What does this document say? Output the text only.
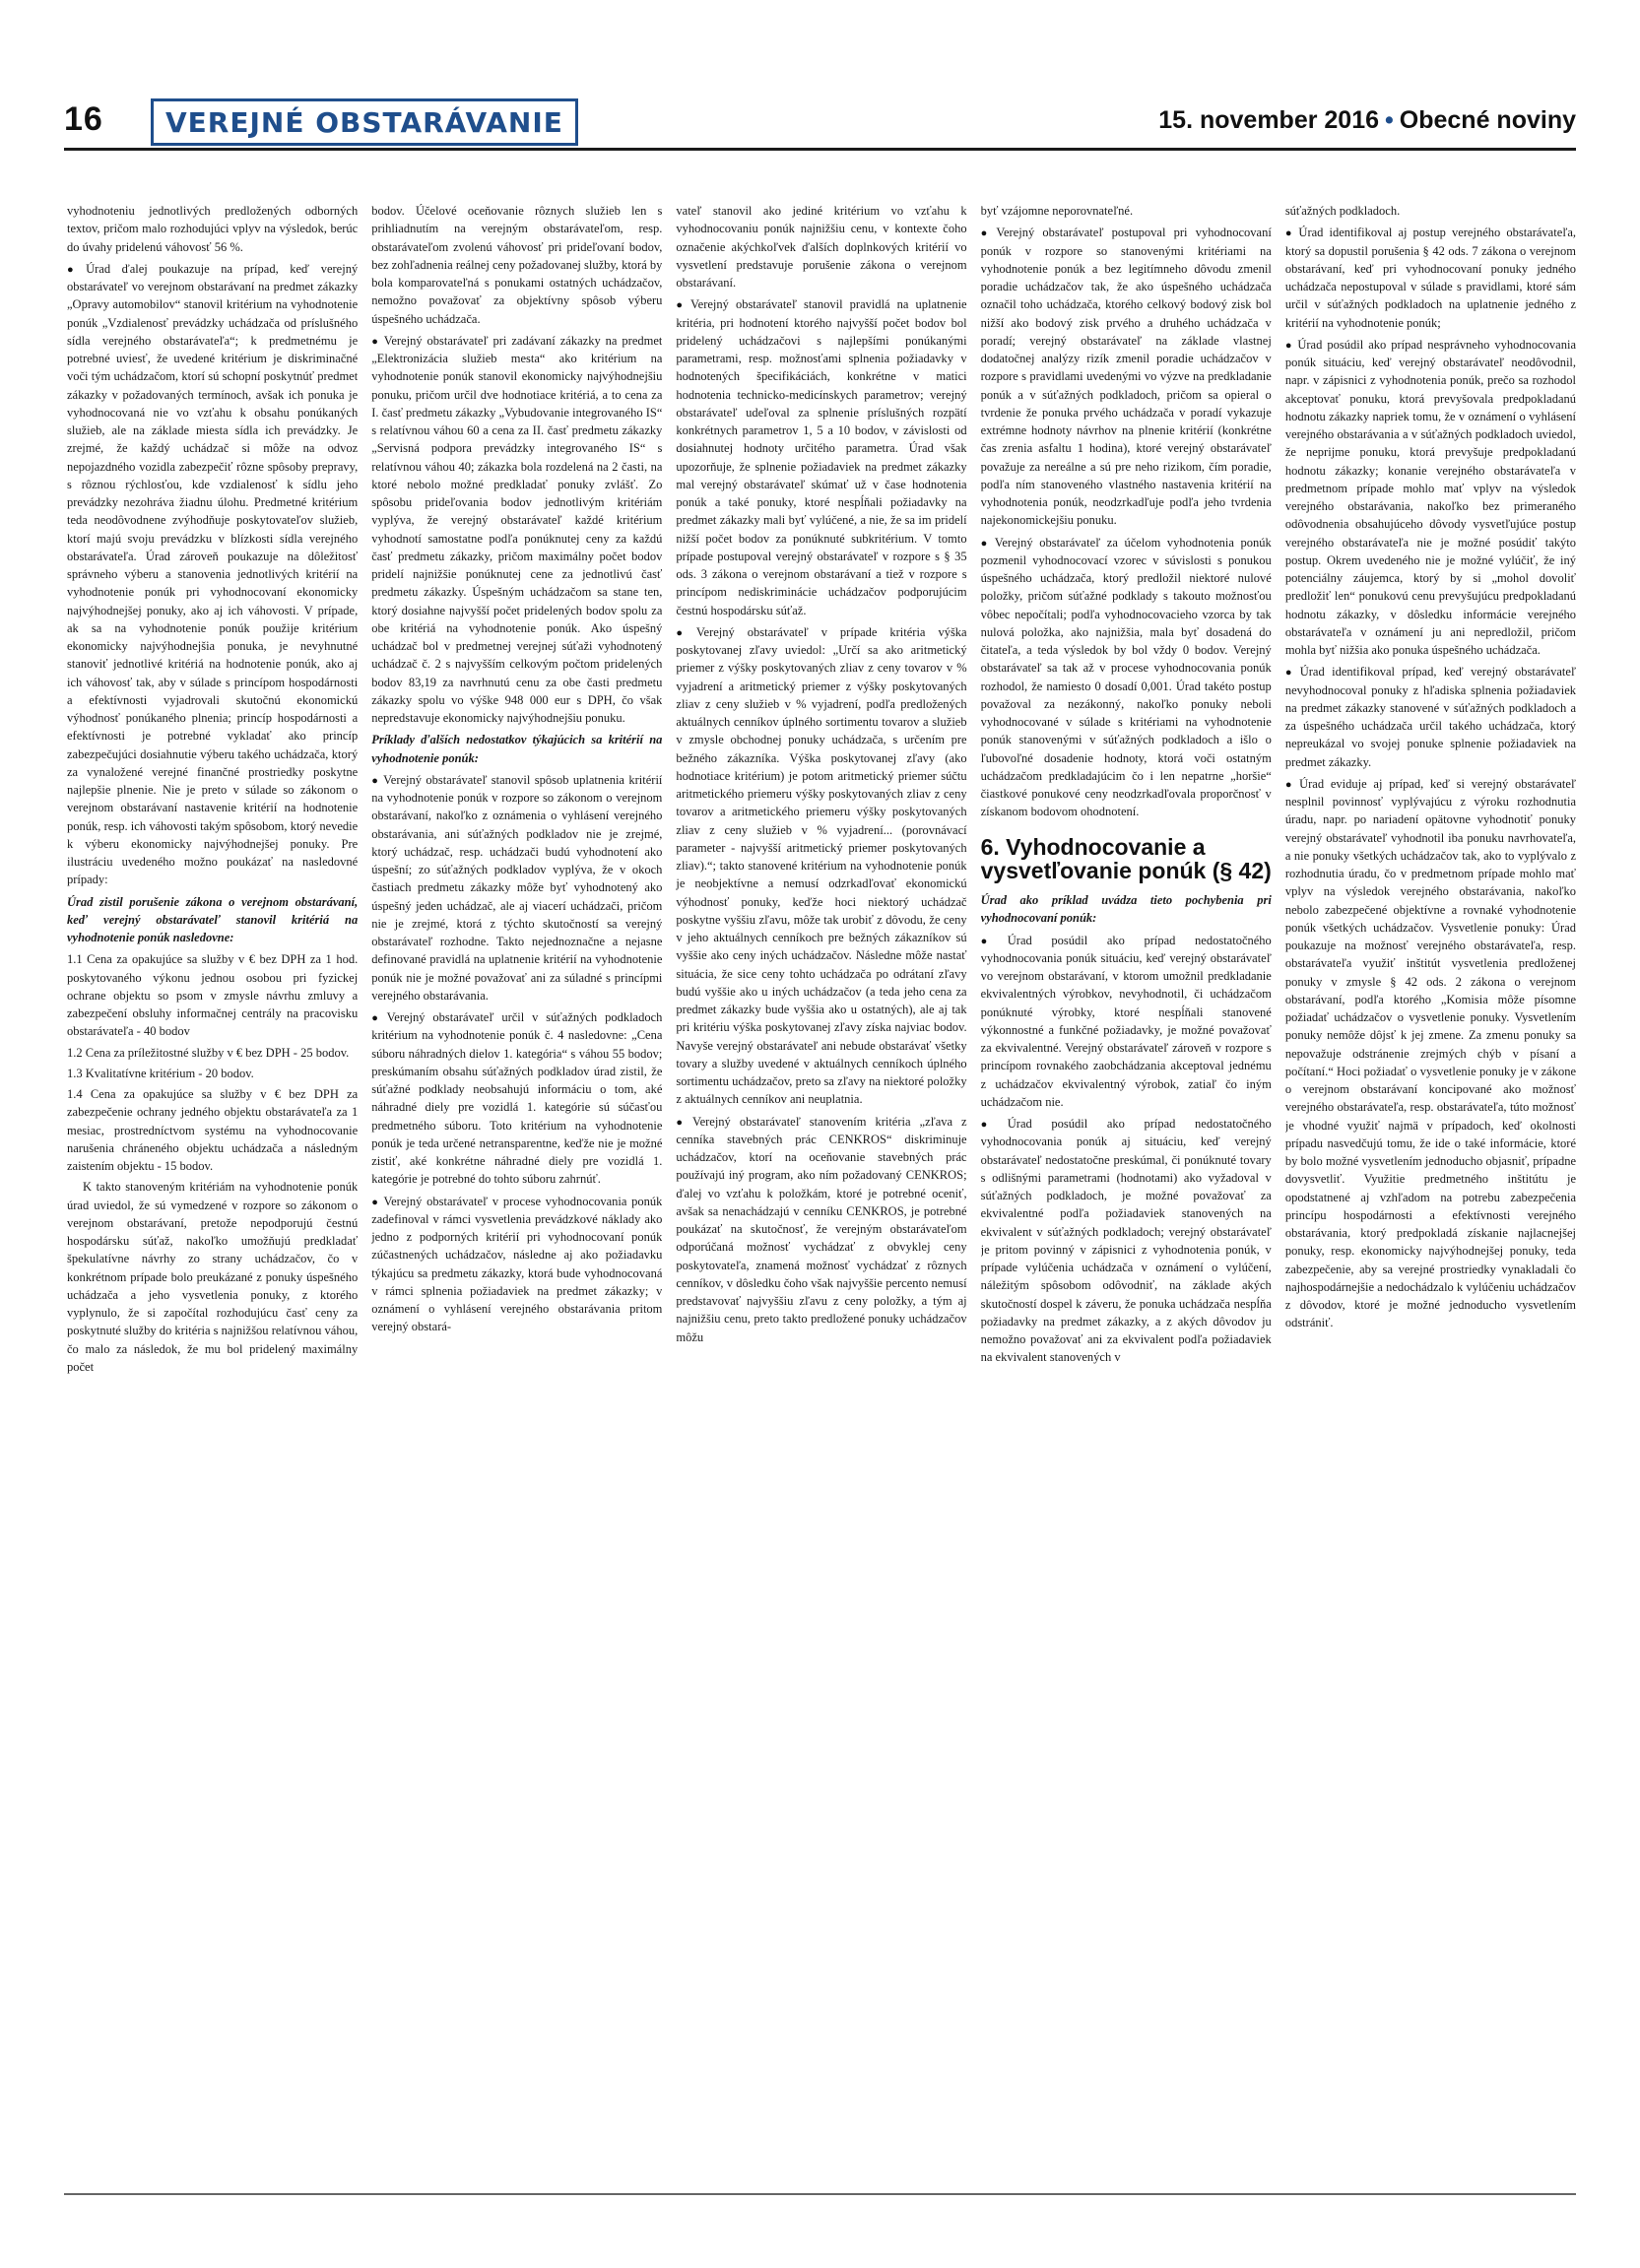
16 VEREJNÉ OBSTARÁVANIE	15. november 2016 • Obecné noviny

vyhodnoteniu jednotlivých predložených odborných textov, pričom malo rozhodujúci vplyv na výsledok, berúc do úvahy pridelenú váhovosť 56 %.

● Úrad ďalej poukazuje na prípad, keď verejný obstarávateľ vo verejnom obstarávaní na predmet zákazky „Opravy automobilov“ stanovil kritérium na vyhodnotenie ponúk „Vzdialenosť prevádzky uchádzača od príslušného sídla verejného obstarávateľa“; k predmetnému je potrebné uviesť, že uvedené kritérium je diskriminačné voči tým uchádzačom, ktorí sú schopní poskytnúť predmet zákazky v požadovaných termínoch, avšak ich ponuka je vyhodnocovaná nie vo vzťahu k obsahu ponúkaných služieb, ale na základe miesta sídla ich prevádzky. Je zrejmé, že každý uchádzač si môže na odvoz nepojazdného vozidla zabezpečiť rôzne spôsoby prepravy, s rôznou rýchlosťou, kde vzdialenosť k sídlu jeho prevádzky nezohráva žiadnu úlohu. Predmetné kritérium teda neodôvodnene zvýhodňuje poskytovateľov služieb, ktorí majú svoju prevádzku v blízkosti sídla verejného obstarávateľa. Úrad zároveň poukazuje na dôležitosť správneho výberu a stanovenia jednotlivých kritérií na vyhodnotenie ponúk pri vyhodnocovaní ekonomicky najvýhodnejšej ponuky, ako aj ich váhovosti. V prípade, ak sa na vyhodnotenie ponúk použije kritérium ekonomicky najvýhodnejšia ponuka, je nevyhnutné stanoviť jednotlivé kritériá na hodnotenie ponúk, ako aj ich váhovosť tak, aby v súlade s princípom hospodárnosti a efektívnosti vyjadrovali skutočnú ekonomickú výhodnosť ponúkaného plnenia; princíp hospodárnosti a efektívnosti je potrebné vykladať ako princíp zabezpečujúci dosiahnutie výberu takého uchádzača, ktorý za vynaložené verejné finančné prostriedky poskytne najlepšie plnenie. Nie je preto v súlade so zákonom o verejnom obstarávaní nastavenie kritérií na hodnotenie ponúk, resp. ich váhovosti takým spôsobom, ktorý nevedie k výberu ekonomicky najvýhodnejšej ponuky. Pre ilustráciu uvedeného možno poukázať na nasledovné prípady:

Úrad zistil porušenie zákona o verejnom obstarávaní, keď verejný obstarávateľ stanovil kritériá na vyhodnotenie ponúk nasledovne:

1.1 Cena za opakujúce sa služby v € bez DPH za 1 hod. poskytovaného výkonu jednou osobou pri fyzickej ochrane objektu so psom v zmysle návrhu zmluvy a zabezpečení obsluhy informačnej centrály na pracovisku obstarávateľa - 40 bodov

1.2 Cena za príležitostné služby v € bez DPH - 25 bodov.

1.3 Kvalitatívne kritérium - 20 bodov.

1.4 Cena za opakujúce sa služby v € bez DPH za zabezpečenie ochrany jedného objektu obstarávateľa za 1 mesiac, prostredníctvom systému na vyhodnocovanie narušenia chráneného objektu uchádzača a následným zaistením objektu - 15 bodov.

K takto stanoveným kritériám na vyhodnotenie ponúk úrad uviedol, že sú vymedzené v rozpore so zákonom o verejnom obstarávaní, pretože nepodporujú čestnú hospodársku súťaž, nakoľko umožňujú predkladať špekulatívne návrhy zo strany uchádzačov, čo v konkrétnom prípade bolo preukázané z ponuky úspešného uchádzača a jeho vysvetlenia ponuky, z ktorého vyplynulo, že si započítal rozhodujúcu časť ceny za poskytnuté služby do kritéria s najnižšou relatívnou váhou, čo malo za následok, že mu bol pridelený maximálny počet

bodov. Účelové oceňovanie rôznych služieb len s prihliadnutím na verejným obstarávateľom, resp. obstarávateľom zvolenú váhovosť pri prideľovaní bodov, bez zohľadnenia reálnej ceny požadovanej služby, ktorá by bola komparovateľná s ponukami ostatných uchádzačov, nemožno považovať za objektívny spôsob výberu úspešného uchádzača.

● Verejný obstarávateľ pri zadávaní zákazky na predmet „Elektronizácia služieb mesta“ ako kritérium na vyhodnotenie ponúk stanovil ekonomicky najvýhodnejšiu ponuku, pričom určil dve hodnotiace kritériá, a to cena za I. časť predmetu zákazky „Vybudovanie integrovaného IS“ s relatívnou váhou 60 a cena za II. časť predmetu zákazky „Servisná podpora prevádzky integrovaného IS“ s relatívnou váhou 40; zákazka bola rozdelená na 2 časti, na ktoré nebolo možné predkladať ponuky zvlášť. Zo spôsobu prideľovania bodov jednotlivým kritériám vyplýva, že verejný obstarávateľ každé kritérium vyhodnotí samostatne podľa ponúknutej ceny za každú časť predmetu zákazky, pričom maximálny počet bodov pridelí najnižšie ponúknutej cene za jednotlivú časť predmetu zákazky. Úspešným uchádzačom sa stane ten, ktorý dosiahne najvyšší počet pridelených bodov spolu za obe kritériá na vyhodnotenie ponúk. Ako úspešný uchádzač bol v predmetnej verejnej súťaži vyhodnotený uchádzač č. 2 s najvyšším celkovým počtom pridelených bodov 83,19 za navrhnutú cenu za obe časti predmetu zákazky spolu vo výške 948 000 eur s DPH, čo však nepredstavuje ekonomicky najvýhodnejšiu ponuku.

Príklady ďalších nedostatkov týkajúcich sa kritérií na vyhodnotenie ponúk:

● Verejný obstarávateľ stanovil spôsob uplatnenia kritérií na vyhodnotenie ponúk v rozpore so zákonom o verejnom obstarávaní, nakoľko z oznámenia o vyhlásení verejného obstarávania, ani súťažných podkladov nie je zrejmé, ktorý uchádzač, resp. uchádzači budú vyhodnotení ako úspešní; zo súťažných podkladov vyplýva, že v okoch častiach predmetu zákazky môže byť vyhodnotený ako úspešný jeden uchádzač, ale aj viacerí uchádzači, pričom nie je zrejmé, ktorá z týchto skutočností sa verejný obstarávateľ rozhodne. Takto nejednoznačne a nejasne definované pravidlá na uplatnenie kritérií na vyhodnotenie ponúk nie je možné považovať ani za súladné s princípmi verejného obstarávania.

● Verejný obstarávateľ určil v súťažných podkladoch kritérium na vyhodnotenie ponúk č. 4 nasledovne: „Cena súboru náhradných dielov 1. kategória“ s váhou 55 bodov; preskúmaním obsahu súťažných podkladov úrad zistil, že súťažné podklady neobsahujú informáciu o tom, aké náhradné diely pre vozidlá 1. kategórie sú súčasťou predmetného súboru. Toto kritérium na vyhodnotenie ponúk je teda určené netransparentne, keďže nie je možné zistiť, aké konkrétne náhradné diely pre vozidlá 1. kategórie je potrebné do tohto súboru zahrnúť.

● Verejný obstarávateľ v procese vyhodnocovania ponúk zadefinoval v rámci vysvetlenia prevádzkové náklady ako jedno z podporných kritérií pri vyhodnocovaní ponúk zúčastnených uchádzačov, následne aj ako požiadavku týkajúcu sa predmetu zákazky, ktorá bude vyhodnocovaná v rámci splnenia požiadaviek na predmet zákazky; v oznámení o vyhlásení verejného obstarávania pritom verejný obstará-

vateľ stanovil ako jediné kritérium vo vzťahu k vyhodnocovaniu ponúk najnižšiu cenu, v kontexte čoho označenie akýchkoľvek ďalších doplnkových kritérií vo vysvetlení predstavuje porušenie zákona o verejnom obstarávaní.

● Verejný obstarávateľ stanovil pravidlá na uplatnenie kritéria, pri hodnotení ktorého najvyšší počet bodov bol pridelený uchádzačovi s najlepšími ponúkanými parametrami, resp. možnosťami splnenia požiadavky v hodnotených špecifikáciách, konkrétne v matici hodnotenia technicko-medicínskych parametrov; verejný obstarávateľ udeľoval za splnenie príslušných rozpätí konkrétnych parametrov 1, 5 a 10 bodov, v závislosti od dosiahnutej hodnoty určitého parametra. Úrad však upozorňuje, že splnenie požiadaviek na predmet zákazky mal verejný obstarávateľ skúmať už v čase hodnotenia ponúk a také ponuky, ktoré nespĺňali požiadavky na predmet zákazky mali byť vylúčené, a nie, že sa im pridelí nižší počet bodov za ponúknuté subkritérium. V tomto prípade postupoval verejný obstarávateľ v rozpore s § 35 ods. 3 zákona o verejnom obstarávaní a tiež v rozpore s princípom nediskriminácie uchádzačov podporujúcim čestnú hospodársku súťaž.

● Verejný obstarávateľ v prípade kritéria výška poskytovanej zľavy uviedol: „Určí sa ako aritmetický priemer z výšky poskytovaných zliav z ceny tovarov v % vyjadrení a aritmetický priemer z výšky poskytovaných zliav z ceny služieb v % vyjadrení, podľa predložených aktuálnych cenníkov úplného sortimentu tovarov a služieb v zmysle obchodnej ponuky uchádzača, s určením pre bežného zákazníka. Výška poskytovanej zľavy (ako hodnotiace kritérium) je potom aritmetický priemer súčtu aritmetického priemeru výšky poskytovaných zliav z ceny tovarov a aritmetického priemeru výšky poskytovaných zliav z ceny služieb v % vyjadrení... (porovnávací parameter - najvyšší aritmetický priemer poskytovaných zliav).“; takto stanovené kritérium na vyhodnotenie ponúk je neobjektívne a nemusí odzrkadľovať ekonomickú výhodnosť ponuky, keďže hoci niektorý uchádzač poskytne vyššiu zľavu, môže tak urobiť z dôvodu, že ceny v jeho aktuálnych cenníkoch pre bežných zákazníkov sú vyššie ako ceny iných uchádzačov. Následne môže nastať situácia, že sice ceny tohto uchádzača po odrátaní zľavy budú vyššie ako u iných uchádzačov (a teda jeho cena za predmet zákazky bude vyššia ako u ostatných), ale aj tak pri kritériu výška poskytovanej zľavy získa najviac bodov. Navyše verejný obstarávateľ ani nebude obstarávať všetky tovary a služby uvedené v aktuálnych cenníkoch úplného sortimentu uchádzačov, preto sa zľavy na niektoré položky z aktuálnych cenníkov ani neuplatnia.

● Verejný obstarávateľ stanovením kritéria „zľava z cenníka stavebných prác CENKROS“ diskriminuje uchádzačov, ktorí na oceňovanie stavebných prác používajú iný program, ako ním požadovaný CENKROS; ďalej vo vzťahu k položkám, ktoré je potrebné oceniť, avšak sa nenachádzajú v cenníku CENKROS, je potrebné poukázať na skutočnosť, že verejným obstarávateľom odporúčaná možnosť vychádzať z obvyklej ceny poskytovateľa, znamená možnosť vychádzať z rôznych cenníkov, v dôsledku čoho však najvyššie percento nemusí predstavovať najvyššiu zľavu z ceny položky, a tým aj najnižšiu cenu, preto takto predložené ponuky uchádzačov môžu

byť vzájomne neporovnateľné.

● Verejný obstarávateľ postupoval pri vyhodnocovaní ponúk v rozpore so stanovenými kritériami na vyhodnotenie ponúk a bez legitímneho dôvodu zmenil poradie uchádzačov tak, že ako úspešného uchádzača označil toho uchádzača, ktorého celkový bodový zisk bol nižší ako bodový zisk prvého a druhého uchádzača v poradí; verejný obstarávateľ na základe vlastnej dodatočnej analýzy rizík zmenil poradie uchádzačov v rozpore s pravidlami uvedenými vo výzve na predkladanie ponúk a v súťažných podkladoch, pričom sa opieral o tvrdenie že ponuka prvého uchádzača v poradí vykazuje extrémne hodnoty návrhov na plnenie kritérií (konkrétne čas zrenia asfaltu 1 hodina), ktoré verejný obstarávateľ považuje za nereálne a sú pre neho rizikom, čím poradie, podľa ním stanoveného vlastného nastavenia kritérií na vyhodnotenia ponúk, neodzrkadľuje podľa jeho tvrdenia najekonomickejšiu ponuku.

● Verejný obstarávateľ za účelom vyhodnotenia ponúk pozmenil vyhodnocovací vzorec v súvislosti s ponukou úspešného uchádzača, ktorý predložil niektoré nulové položky, pričom súťažné podklady s takouto možnosťou vôbec nepočítali; podľa vyhodnocovacieho vzorca by tak nulová položka, ako najnižšia, mala byť dosadená do čitateľa, a teda výsledok by bol vždy 0 bodov. Verejný obstarávateľ sa tak až v procese vyhodnocovania ponúk rozhodol, že namiesto 0 dosadí 0,001. Úrad takéto postup považoval za nezákonný, nakoľko ponuky neboli vyhodnocované v súlade s kritériami na vyhodnotenie ponúk stanovenými v súťažných podkladoch a išlo o ľubovoľné dosadenie hodnoty, ktorá voči ostatným uchádzačom predkladajúcim čo i len nepatrne „horšie“ čiastkové ponukové ceny neodzrkadľovala proporčnosť v získanom bodovom ohodnotení.

6. Vyhodnocovanie a vysvetľovanie ponúk (§ 42)

Úrad ako príklad uvádza tieto pochybenia pri vyhodnocovaní ponúk:

● Úrad posúdil ako prípad nedostatočného vyhodnocovania ponúk situáciu, keď verejný obstarávateľ vo verejnom obstarávaní, v ktorom umožnil predkladanie ekvivalentných výrobkov, nevyhodnotil, či uchádzačom ponúknuté výrobky, ktoré nespĺňali stanovené výkonnostné a funkčné požiadavky, je možné považovať za ekvivalentné. Verejný obstarávateľ zároveň v rozpore s princípom rovnakého zaobchádzania akceptoval jednému z uchádzačov ekvivalentný výrobok, zatiaľ čo iným uchádzačom nie.

● Úrad posúdil ako prípad nedostatočného vyhodnocovania ponúk aj situáciu, keď verejný obstarávateľ nedostatočne preskúmal, či ponúknuté tovary s odlišnými parametrami (hodnotami) ako vyžadoval v súťažných podkladoch, je možné považovať za ekvivalentné podľa požiadaviek stanovených na ekvivalent v súťažných podkladoch; verejný obstarávateľ je pritom povinný v zápisnici z vyhodnotenia ponúk, v prípade vylúčenia uchádzača v oznámení o vylúčení, náležitým spôsobom odôvodniť, na základe akých skutočností dospel k záveru, že ponuka uchádzača nespĺňa požiadavky na predmet zákazky, a z akých dôvodov ju nemožno považovať ani za ekvivalent podľa požiadaviek na ekvivalent stanovených v

súťažných podkladoch.

● Úrad identifikoval aj postup verejného obstarávateľa, ktorý sa dopustil porušenia § 42 ods. 7 zákona o verejnom obstarávaní, keď pri vyhodnocovaní ponuky jedného uchádzača nepostupoval v súlade s pravidlami, ktoré sám určil v súťažných podkladoch na uplatnenie jedného z kritérií na vyhodnotenie ponúk;

● Úrad posúdil ako prípad nesprávneho vyhodnocovania ponúk situáciu, keď verejný obstarávateľ neodôvodnil, napr. v zápisnici z vyhodnotenia ponúk, prečo sa rozhodol akceptovať ponuku, ktorá prevyšovala predpokladanú hodnotu zákazky napriek tomu, že v oznámení o vyhlásení verejného obstarávania a v súťažných podkladoch uviedol, že neprijme ponuku, ktorá prevyšuje predpokladanú hodnotu zákazky; konanie verejného obstarávateľa v predmetnom prípade mohlo mať vplyv na výsledok verejného obstarávania, nakoľko bez primeraného odôvodnenia obsahujúceho dôvody vysvetľujúce postup verejného obstarávateľa nie je možné posúdiť takýto postup. Okrem uvedeného nie je možné vylúčiť, že iný potenciálny záujemca, ktorý by si „mohol dovoliť predložiť len“ ponukovú cenu prevyšujúcu predpokladanú hodnotu zákazky, v dôsledku informácie verejného obstarávateľa v oznámení ju ani nepredložil, pričom mohla byť nižšia ako ponuka úspešného uchádzača.

● Úrad identifikoval prípad, keď verejný obstarávateľ nevyhodnocoval ponuky z hľadiska splnenia požiadaviek na predmet zákazky stanovené v súťažných podkladoch a za úspešného uchádzača určil takého uchádzača, ktorý nepreukázal vo svojej ponuke splnenie požiadaviek na predmet zákazky.

● Úrad eviduje aj prípad, keď si verejný obstarávateľ nesplnil povinnosť vyplývajúcu z výroku rozhodnutia úradu, napr. po nariadení opätovne vyhodnotiť ponuky verejný obstarávateľ vyhodnotil iba ponuku navrhovateľa, a nie ponuky všetkých uchádzačov tak, ako to vyplývalo z rozhodnutia úradu, čo v predmetnom prípade mohlo mať vplyv na výsledok verejného obstarávania, nakoľko nebolo zabezpečené objektívne a rovnaké vyhodnotenie ponúk všetkých uchádzačov. Vysvetlenie ponuky: Úrad poukazuje na možnosť verejného obstarávateľa, resp. obstarávateľa využiť inštitút vysvetlenia predloženej ponuky v zmysle § 42 ods. 2 zákona o verejnom obstarávaní, podľa ktorého „Komisia môže písomne požiadať uchádzačov o vysvetlenie ponuky. Vysvetlením ponuky nemôže dôjsť k jej zmene. Za zmenu ponuky sa nepovažuje odstránenie zrejmých chýb v písaní a počítaní.“ Hoci požiadať o vysvetlenie ponuky je v zákone o verejnom obstarávaní koncipované ako možnosť verejného obstarávateľa, resp. obstarávateľa, túto možnosť je vhodné využiť najmä v prípadoch, keď okolnosti prípadu nasvedčujú tomu, že ide o také informácie, ktoré by bolo možné vysvetlením jednoducho objasniť, prípadne dovysvetliť. Využitie predmetného inštitútu je opodstatnené aj vzhľadom na potrebu zabezpečenia princípu hospodárnosti a efektívnosti verejného obstarávania, ktorý predpokladá získanie najlacnejšej ponuky, resp. ekonomicky najvýhodnejšej ponuky, teda zabezpečenie, aby sa verejné prostriedky vynakladali čo najhospodárnejšie a nedochádzalo k vylúčeniu uchádzačov z dôvodov, ktoré je možné jednoducho vysvetlením odstrániť.
